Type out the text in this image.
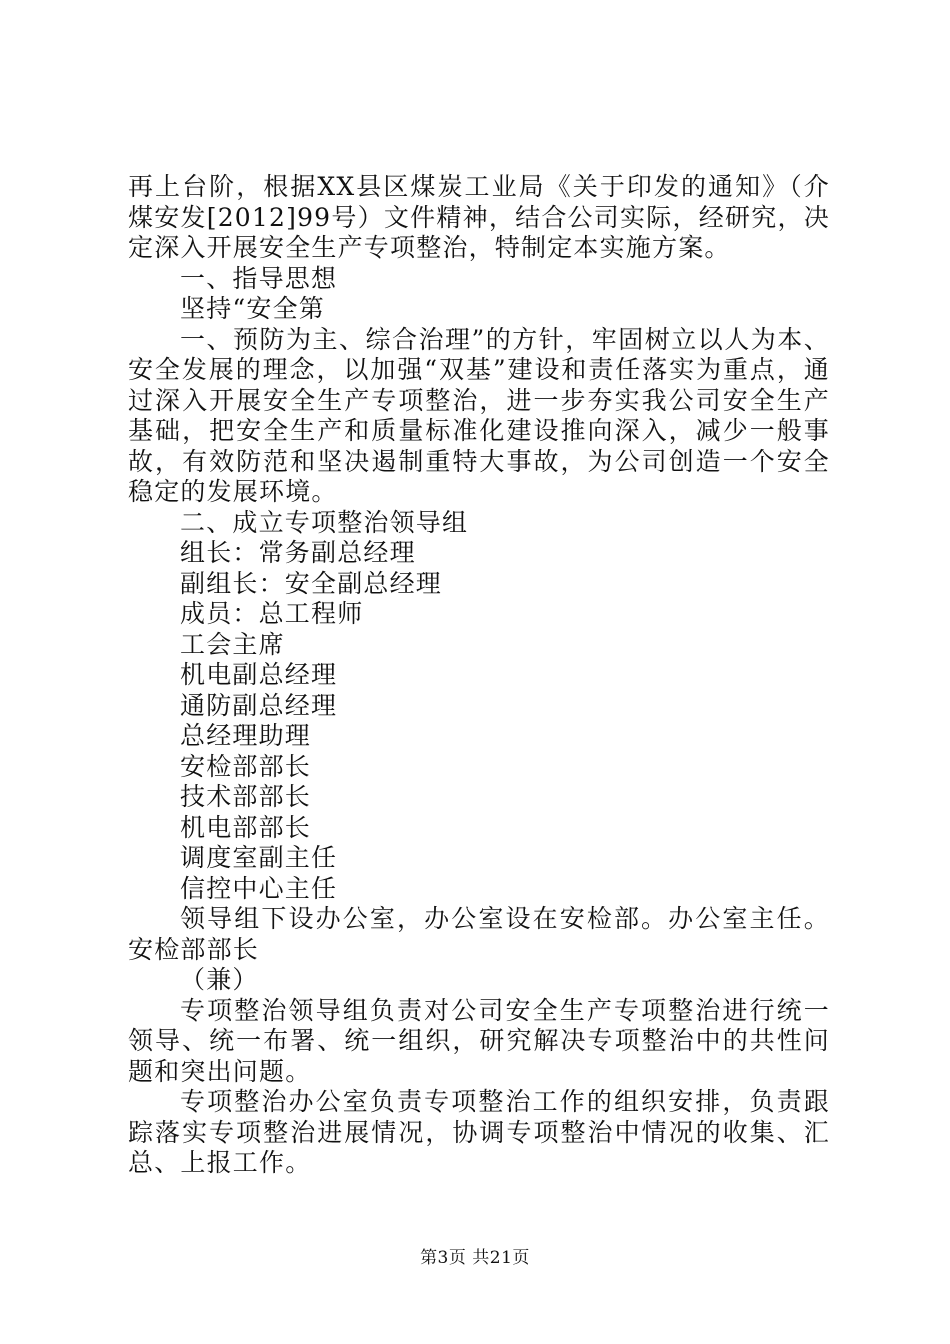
再上台阶，根据XX县区煤炭工业局《关于印发的通知》（介煤安发[2012]99号）文件精神，结合公司实际，经研究，决定深入开展安全生产专项整治，特制定本实施方案。

一、指导思想

坚持“安全第

一、预防为主、综合治理”的方针，牢固树立以人为本、安全发展的理念，以加强“双基”建设和责任落实为重点，通过深入开展安全生产专项整治，进一步夯实我公司安全生产基础，把安全生产和质量标准化建设推向深入，减少一般事故，有效防范和坚决遏制重特大事故，为公司创造一个安全稳定的发展环境。

二、成立专项整治领导组

组长：常务副总经理

副组长：安全副总经理

成员：总工程师

工会主席

机电副总经理

通防副总经理

总经理助理

安检部部长

技术部部长

机电部部长

调度室副主任

信控中心主任

领导组下设办公室，办公室设在安检部。办公室主任。安检部部长

（兼）

专项整治领导组负责对公司安全生产专项整治进行统一领导、统一布署、统一组织，研究解决专项整治中的共性问题和突出问题。

专项整治办公室负责专项整治工作的组织安排，负责跟踪落实专项整治进展情况，协调专项整治中情况的收集、汇总、上报工作。

第3页 共21页
